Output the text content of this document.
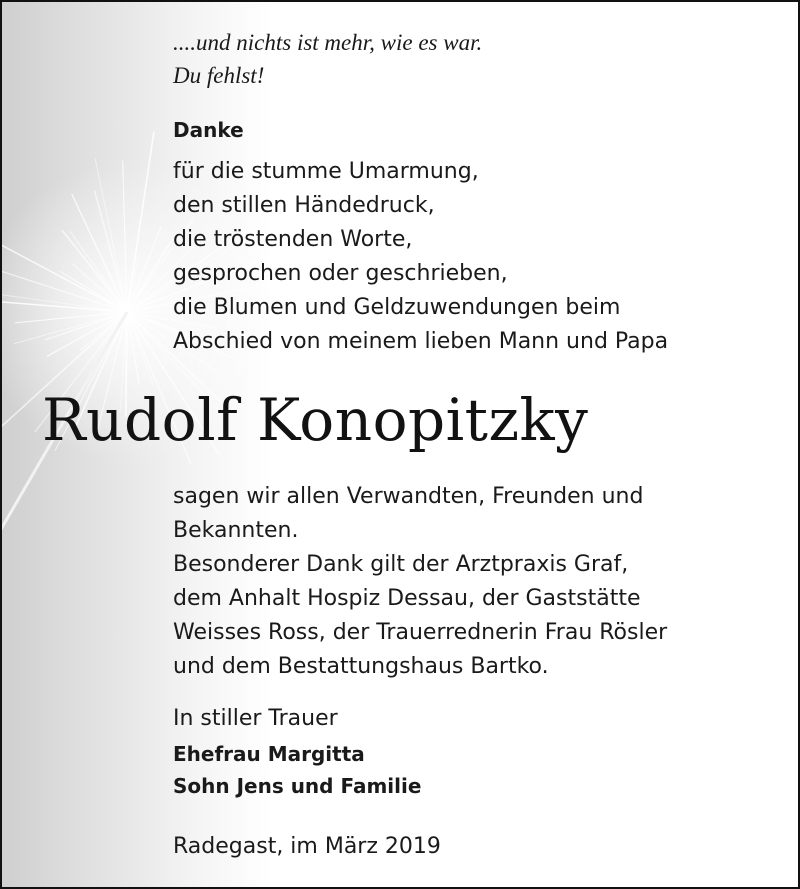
....und nichts ist mehr, wie es war.
Du fehlst!
Danke
für die stumme Umarmung,
den stillen Händedruck,
die tröstenden Worte,
gesprochen oder geschrieben,
die Blumen und Geldzuwendungen beim
Abschied von meinem lieben Mann und Papa
Rudolf Konopitzky
sagen wir allen Verwandten, Freunden und
Bekannten.
Besonderer Dank gilt der Arztpraxis Graf,
dem Anhalt Hospiz Dessau, der Gaststätte
Weisses Ross, der Trauerrednerin Frau Rösler
und dem Bestattungshaus Bartko.
In stiller Trauer
Ehefrau Margitta
Sohn Jens und Familie
Radegast, im März 2019
